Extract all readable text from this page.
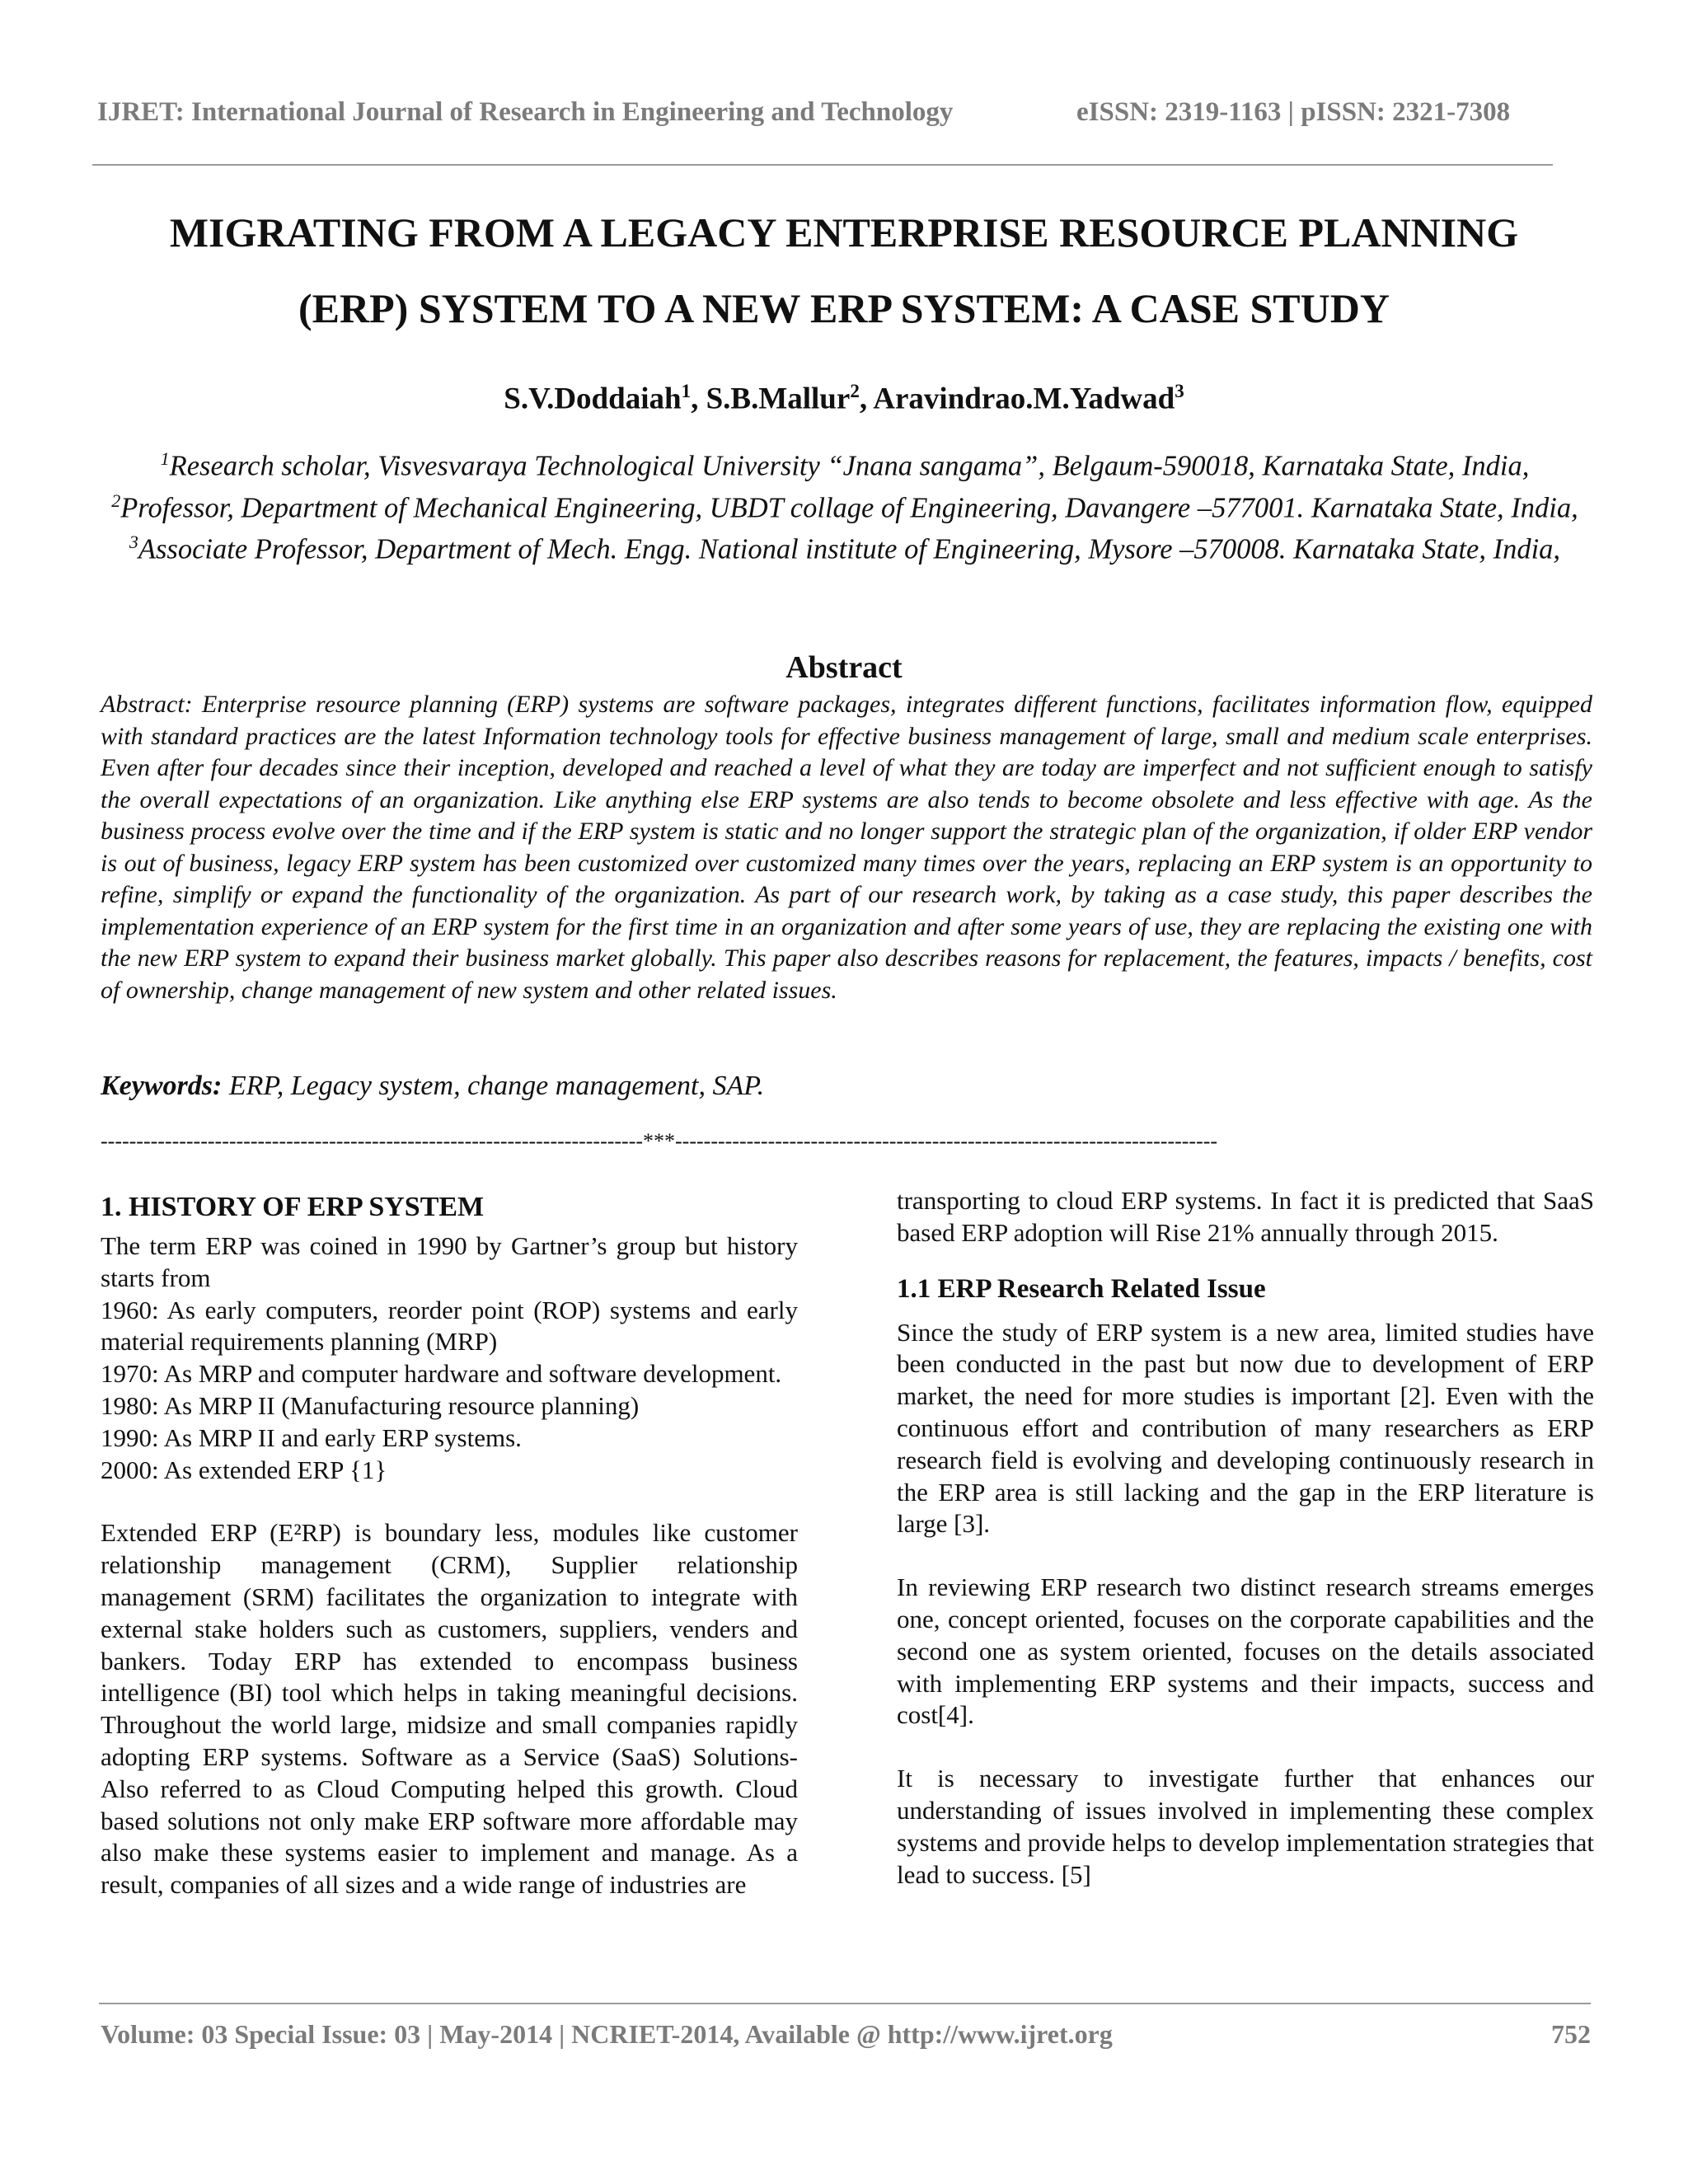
IJRET: International Journal of Research in Engineering and Technology	eISSN: 2319-1163 | pISSN: 2321-7308
MIGRATING FROM A LEGACY ENTERPRISE RESOURCE PLANNING
(ERP) SYSTEM TO A NEW ERP SYSTEM: A CASE STUDY
S.V.Doddaiah$^1$, S.B.Mallur$^2$, Aravindrao.M.Yadwad$^3$

$^1$Research scholar, Visvesvaraya Technological University “Jnana sangama”, Belgaum-590018, Karnataka State, India,

$^2$Professor, Department of Mechanical Engineering, UBDT collage of Engineering, Davangere –577001. Karnataka State, India,

$^3$Associate Professor, Department of Mech. Engg. National institute of Engineering, Mysore –570008. Karnataka State, India,

Abstract
Abstract: Enterprise resource planning (ERP) systems are software packages, integrates different functions, facilitates information flow, equipped with standard practices are the latest Information technology tools for effective business management of large, small and medium scale enterprises. Even after four decades since their inception, developed and reached a level of what they are today are imperfect and not sufficient enough to satisfy the overall expectations of an organization. Like anything else ERP systems are also tends to become obsolete and less effective with age. As the business process evolve over the time and if the ERP system is static and no longer support the strategic plan of the organization, if older ERP vendor is out of business, legacy ERP system has been customized over customized many times over the years, replacing an ERP system is an opportunity to refine, simplify or expand the functionality of the organization. As part of our research work, by taking as a case study, this paper describes the implementation experience of an ERP system for the first time in an organization and after some years of use, they are replacing the existing one with the new ERP system to expand their business market globally. This paper also describes reasons for replacement, the features, impacts / benefits, cost of ownership, change management of new system and other related issues.
Keywords: ERP, Legacy system, change management, SAP.
----------------------------------------------------------------------------***----------------------------------------------------------------------------
1. HISTORY OF ERP SYSTEM

The term ERP was coined in 1990 by Gartner’s group but history starts from

1960: As early computers, reorder point (ROP) systems and early material requirements planning (MRP)

1970: As MRP and computer hardware and software development.

1980: As MRP II (Manufacturing resource planning)

1990: As MRP II and early ERP systems.

2000: As extended ERP {1}

Extended ERP (E²RP) is boundary less, modules like customer relationship management (CRM), Supplier relationship management (SRM) facilitates the organization to integrate with external stake holders such as customers, suppliers, venders and bankers. Today ERP has extended to encompass business intelligence (BI) tool which helps in taking meaningful decisions. Throughout the world large, midsize and small companies rapidly adopting ERP systems. Software as a Service (SaaS) Solutions- Also referred to as Cloud Computing helped this growth. Cloud based solutions not only make ERP software more affordable may also make these systems easier to implement and manage. As a result, companies of all sizes and a wide range of industries are

transporting to cloud ERP systems. In fact it is predicted that SaaS based ERP adoption will Rise 21% annually through 2015.

1.1 ERP Research Related Issue

Since the study of ERP system is a new area, limited studies have been conducted in the past but now due to development of ERP market, the need for more studies is important [2]. Even with the continuous effort and contribution of many researchers as ERP research field is evolving and developing continuously research in the ERP area is still lacking and the gap in the ERP literature is large [3].

In reviewing ERP research two distinct research streams emerges one, concept oriented, focuses on the corporate capabilities and the second one as system oriented, focuses on the details associated with implementing ERP systems and their impacts, success and cost[4].

It is necessary to investigate further that enhances our understanding of issues involved in implementing these complex systems and provide helps to develop implementation strategies that lead to success. [5]

Volume: 03 Special Issue: 03 | May-2014 | NCRIET-2014, Available @ http://www.ijret.org	752
